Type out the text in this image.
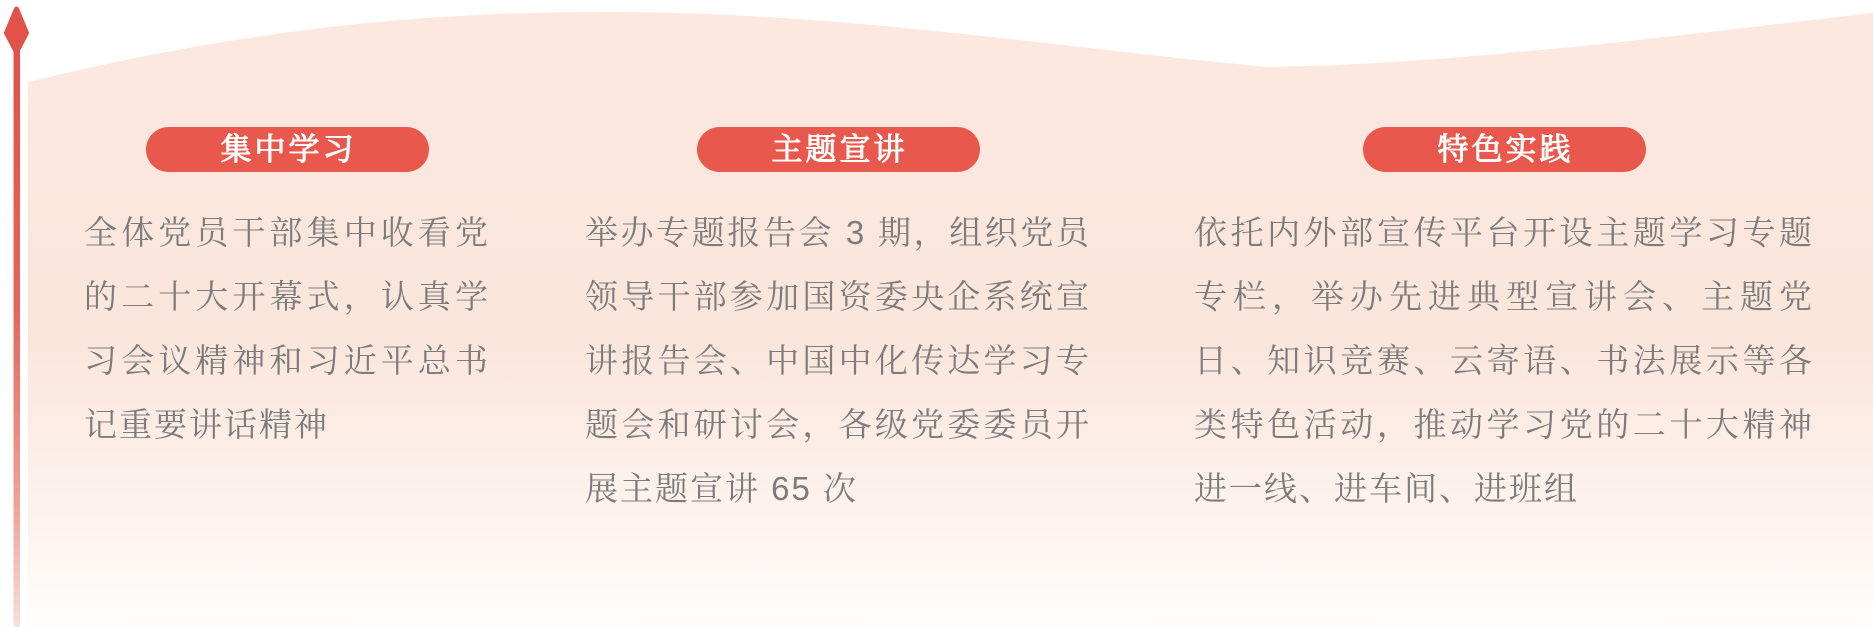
集中学习

全体党员干部集中收看党的二十大开幕式，认真学习会议精神和习近平总书记重要讲话精神

主题宣讲

举办专题报告会 3 期，组织党员领导干部参加国资委央企系统宣讲报告会、中国中化传达学习专题会和研讨会，各级党委委员开展主题宣讲 65 次

特色实践

依托内外部宣传平台开设主题学习专题专栏，举办先进典型宣讲会、主题党日、知识竞赛、云寄语、书法展示等各类特色活动，推动学习党的二十大精神进一线、进车间、进班组
